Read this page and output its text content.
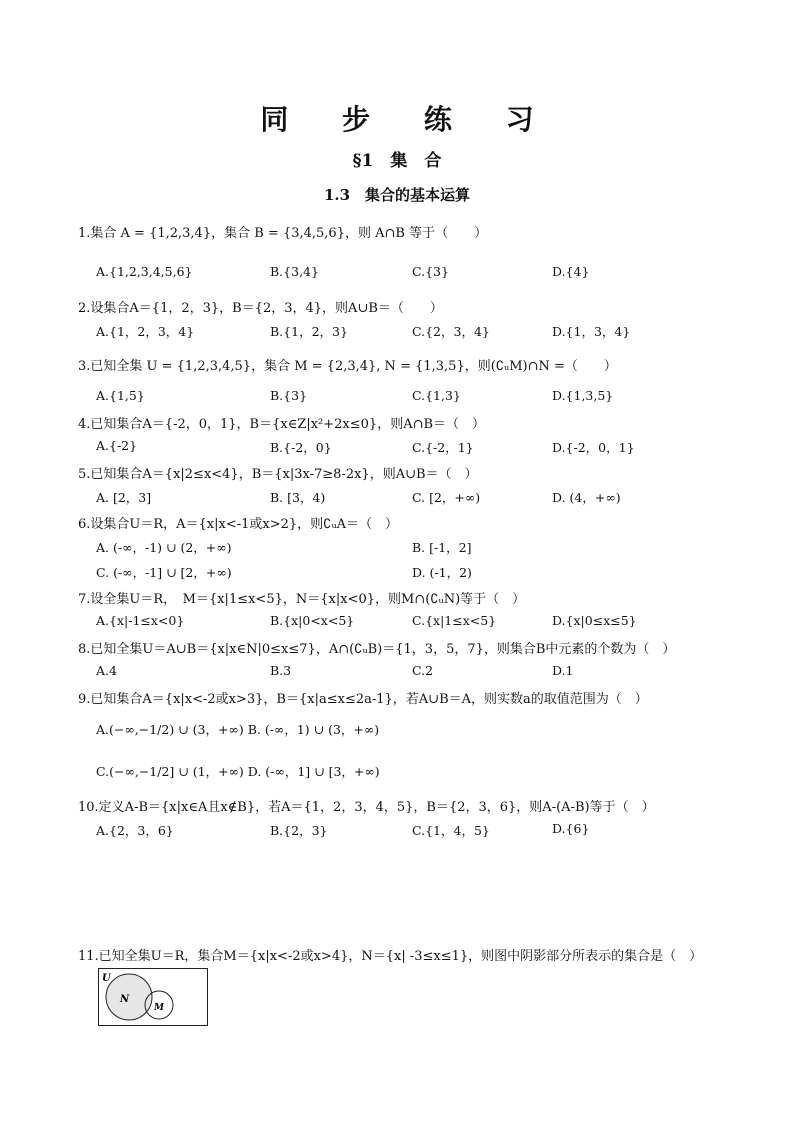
同 步 练 习
§1　集　合
1.3　集合的基本运算
1.集合 A = {1,2,3,4}，集合 B = {3,4,5,6}，则 A∩B 等于（　　）
A.{1,2,3,4,5,6}	B.{3,4}	C.{3}	D.{4}
2.设集合A＝{1，2，3}，B＝{2，3，4}，则A∪B＝（　　）
A.{1，2，3，4}	B.{1，2，3}	C.{2，3，4}	D.{1，3，4}
3.已知全集 U = {1,2,3,4,5}，集合 M = {2,3,4}, N = {1,3,5}，则(∁ᵤM)∩N =（　　）
A.{1,5}	B.{3}	C.{1,3}	D.{1,3,5}
4.已知集合A＝{-2，0，1}，B＝{x∈Z|x²+2x≤0}，则A∩B＝（　）
A.{-2}	B.{-2，0}	C.{-2，1}	D.{-2，0，1}
5.已知集合A＝{x|2≤x<4}，B＝{x|3x-7≥8-2x}，则A∪B＝（　）
A. [2，3]	B. [3，4)	C. [2，+∞)	D. (4，+∞)
6.设集合U＝R，A＝{x|x<-1或x>2}，则∁ᵤA＝（　）
A. (-∞，-1) ∪ (2，+∞)	B. [-1，2]
C. (-∞，-1] ∪ [2，+∞)	D. (-1，2)
7.设全集U＝R，　M＝{x|1≤x<5}，N＝{x|x<0}，则M∩(∁ᵤN)等于（　）
A.{x|-1≤x<0}	B.{x|0<x<5}	C.{x|1≤x<5}	D.{x|0≤x≤5}
8.已知全集U＝A∪B＝{x|x∈N|0≤x≤7}，A∩(∁ᵤB)＝{1，3，5，7}，则集合B中元素的个数为（　）
A.4	B.3	C.2	D.1
9.已知集合A＝{x|x<-2或x>3}，B＝{x|a≤x≤2a-1}，若A∪B＝A，则实数a的取值范围为（　）
A.(−∞,−1/2) ∪ (3，+∞) B. (-∞，1) ∪ (3，+∞)
C.(−∞,−1/2] ∪ (1，+∞) D. (-∞，1] ∪ [3，+∞)
10.定义A-B＝{x|x∈A且x∉B}，若A＝{1，2，3，4，5}，B＝{2，3，6}，则A-(A-B)等于（　）
A.{2，3，6}	B.{2，3}	C.{1，4，5}	D.{6}
11.已知全集U＝R，集合M＝{x|x<-2或x>4}，N＝{x| -3≤x≤1}，则图中阴影部分所表示的集合是（　）
U
N
M
